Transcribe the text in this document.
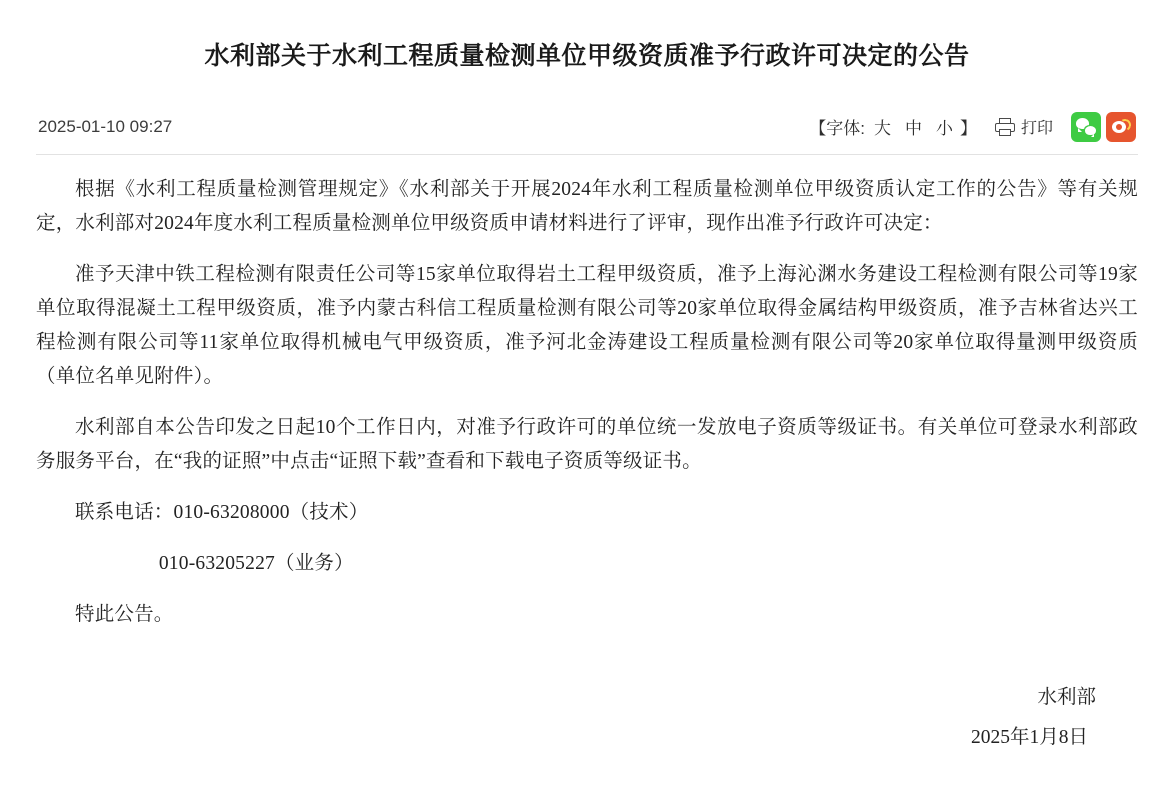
水利部关于水利工程质量检测单位甲级资质准予行政许可决定的公告
2025-01-10 09:27	【字体: 大 中 小 】	打印

根据《水利工程质量检测管理规定》《水利部关于开展2024年水利工程质量检测单位甲级资质认定工作的公告》等有关规定，水利部对2024年度水利工程质量检测单位甲级资质申请材料进行了评审，现作出准予行政许可决定：

准予天津中铁工程检测有限责任公司等15家单位取得岩土工程甲级资质，准予上海沁渊水务建设工程检测有限公司等19家单位取得混凝土工程甲级资质，准予内蒙古科信工程质量检测有限公司等20家单位取得金属结构甲级资质，准予吉林省达兴工程检测有限公司等11家单位取得机械电气甲级资质，准予河北金涛建设工程质量检测有限公司等20家单位取得量测甲级资质（单位名单见附件）。

水利部自本公告印发之日起10个工作日内，对准予行政许可的单位统一发放电子资质等级证书。有关单位可登录水利部政务服务平台，在“我的证照”中点击“证照下载”查看和下载电子资质等级证书。

联系电话：010-63208000（技术）

010-63205227（业务）

特此公告。

水利部
2025年1月8日
